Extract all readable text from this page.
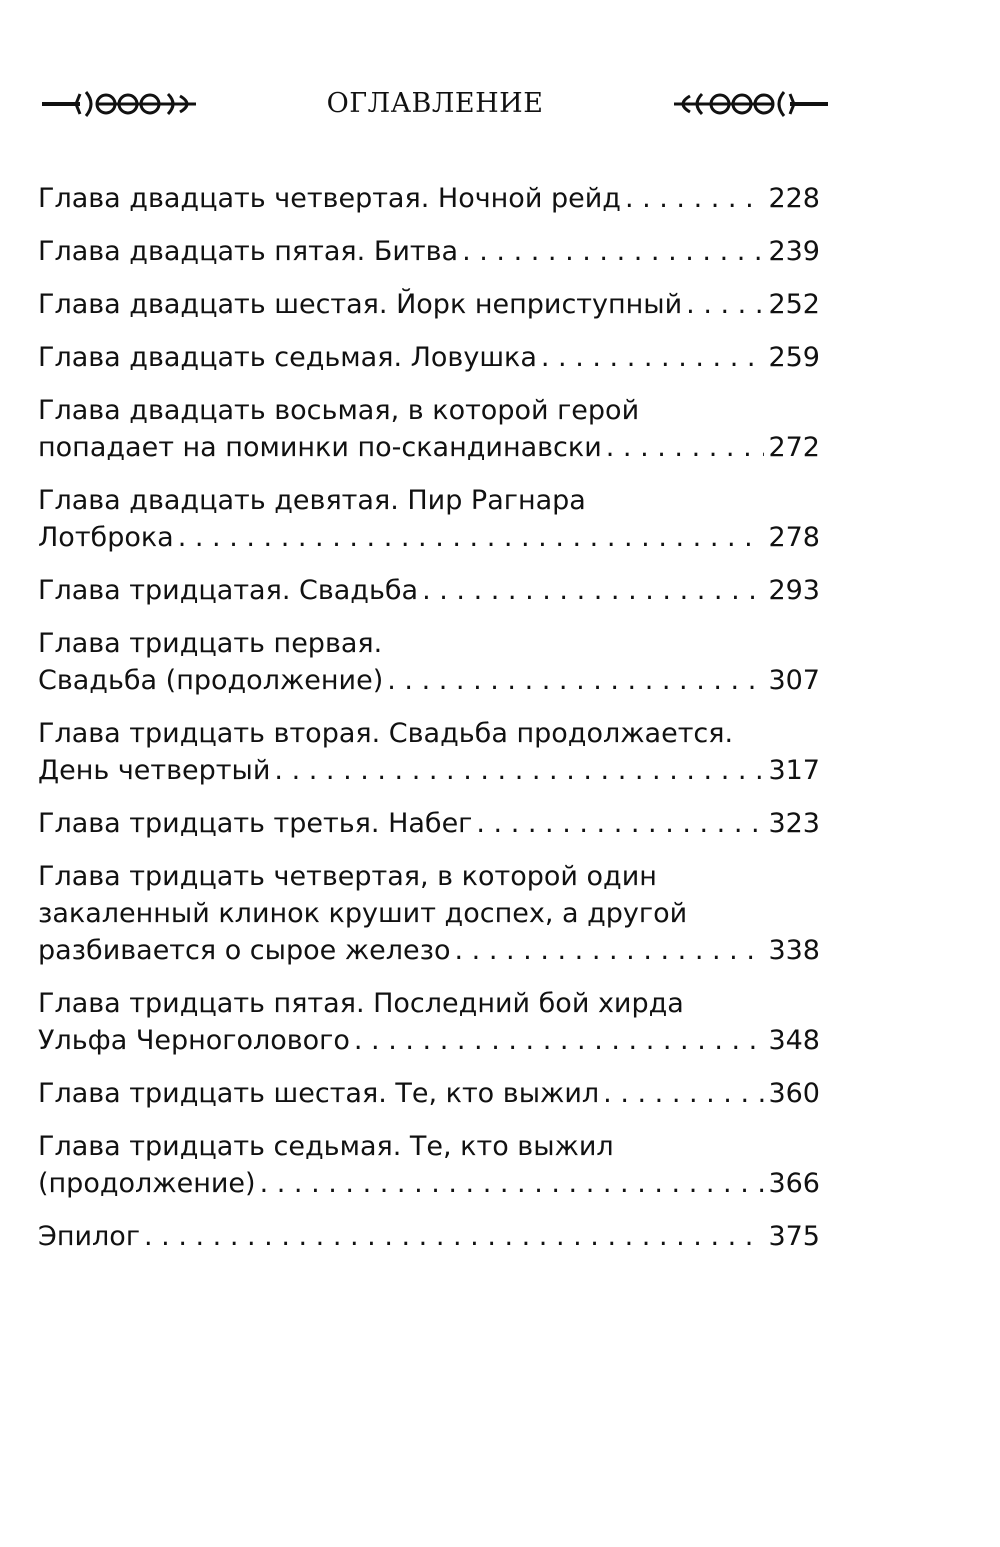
ОГЛАВЛЕНИЕ
Глава двадцать четвертая. Ночной рейд . . .	228
Глава двадцать пятая. Битва . . .	239
Глава двадцать шестая. Йорк неприступный . . .	252
Глава двадцать седьмая. Ловушка . . .	259
Глава двадцать восьмая, в которой герой
попадает на поминки по-скандинавски . . .	272
Глава двадцать девятая. Пир Рагнара
Лотброка . . .	278
Глава тридцатая. Свадьба . . .	293
Глава тридцать первая.
Свадьба (продолжение) . . .	307
Глава тридцать вторая. Свадьба продолжается.
День четвертый . . .	317
Глава тридцать третья. Набег . . .	323
Глава тридцать четвертая, в которой один
закаленный клинок крушит доспех, а другой
разбивается о сырое железо . . .	338
Глава тридцать пятая. Последний бой хирда
Ульфа Черноголового . . .	348
Глава тридцать шестая. Те, кто выжил . . .	360
Глава тридцать седьмая. Те, кто выжил
(продолжение) . . .	366
Эпилог . . .	375
